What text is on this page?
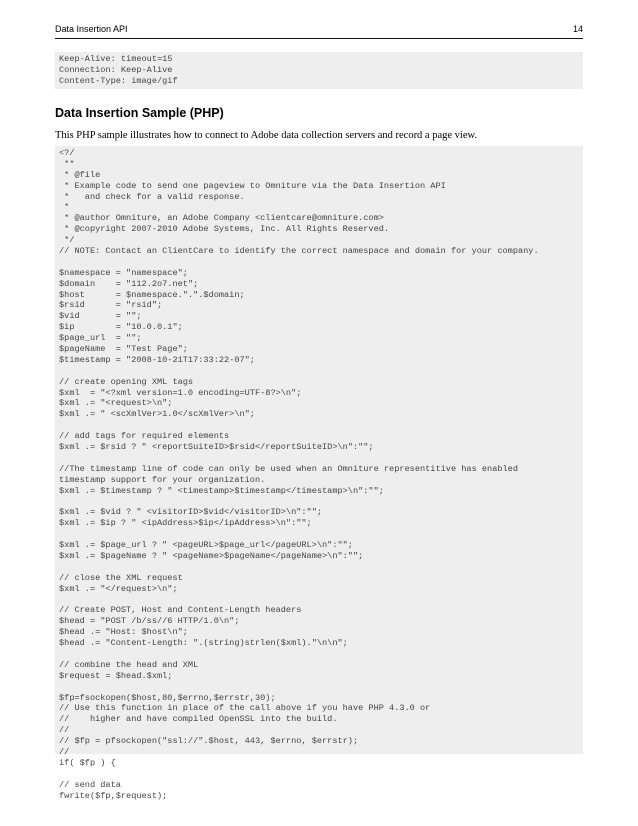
Data Insertion API	14
Keep-Alive: timeout=15
Connection: Keep-Alive
Content-Type: image/gif
Data Insertion Sample (PHP)
This PHP sample illustrates how to connect to Adobe data collection servers and record a page view.
<?/
**
* @file
* Example code to send one pageview to Omniture via the Data Insertion API
*   and check for a valid response.
*
* @author Omniture, an Adobe Company <clientcare@omniture.com>
* @copyright 2007-2010 Adobe Systems, Inc. All Rights Reserved.
*/
// NOTE: Contact an ClientCare to identify the correct namespace and domain for your company.
$namespace = "namespace";
$domain    = "112.2o7.net";
$host      = $namespace.".".$domain;
$rsid      = "rsid";
$vid       = "";
$ip        = "10.0.0.1";
$page_url  = "";
$pageName  = "Test Page";
$timestamp = "2008-10-21T17:33:22-07";
// create opening XML tags
$xml  = "<?xml version=1.0 encoding=UTF-8?>\n";
$xml .= "<request>\n";
$xml .= " <scXmlVer>1.0</scXmlVer>\n";
// add tags for required elements
$xml .= $rsid ? " <reportSuiteID>$rsid</reportSuiteID>\n":"";
//The timestamp line of code can only be used when an Omniture representitive has enabled
timestamp support for your organization.
$xml .= $timestamp ? " <timestamp>$timestamp</timestamp>\n":"";
$xml .= $vid ? " <visitorID>$vid</visitorID>\n":"";
$xml .= $ip ? " <ipAddress>$ip</ipAddress>\n":"";
$xml .= $page_url ? " <pageURL>$page_url</pageURL>\n":"";
$xml .= $pageName ? " <pageName>$pageName</pageName>\n":"";
// close the XML request
$xml .= "</request>\n";
// Create POST, Host and Content-Length headers
$head = "POST /b/ss//6 HTTP/1.0\n";
$head .= "Host: $host\n";
$head .= "Content-Length: ".(string)strlen($xml)."\n\n";
// combine the head and XML
$request = $head.$xml;
$fp=fsockopen($host,80,$errno,$errstr,30);
// Use this function in place of the call above if you have PHP 4.3.0 or
//    higher and have compiled OpenSSL into the build.
//
// $fp = pfsockopen("ssl://".$host, 443, $errno, $errstr);
//
if( $fp ) {
// send data
fwrite($fp,$request);
